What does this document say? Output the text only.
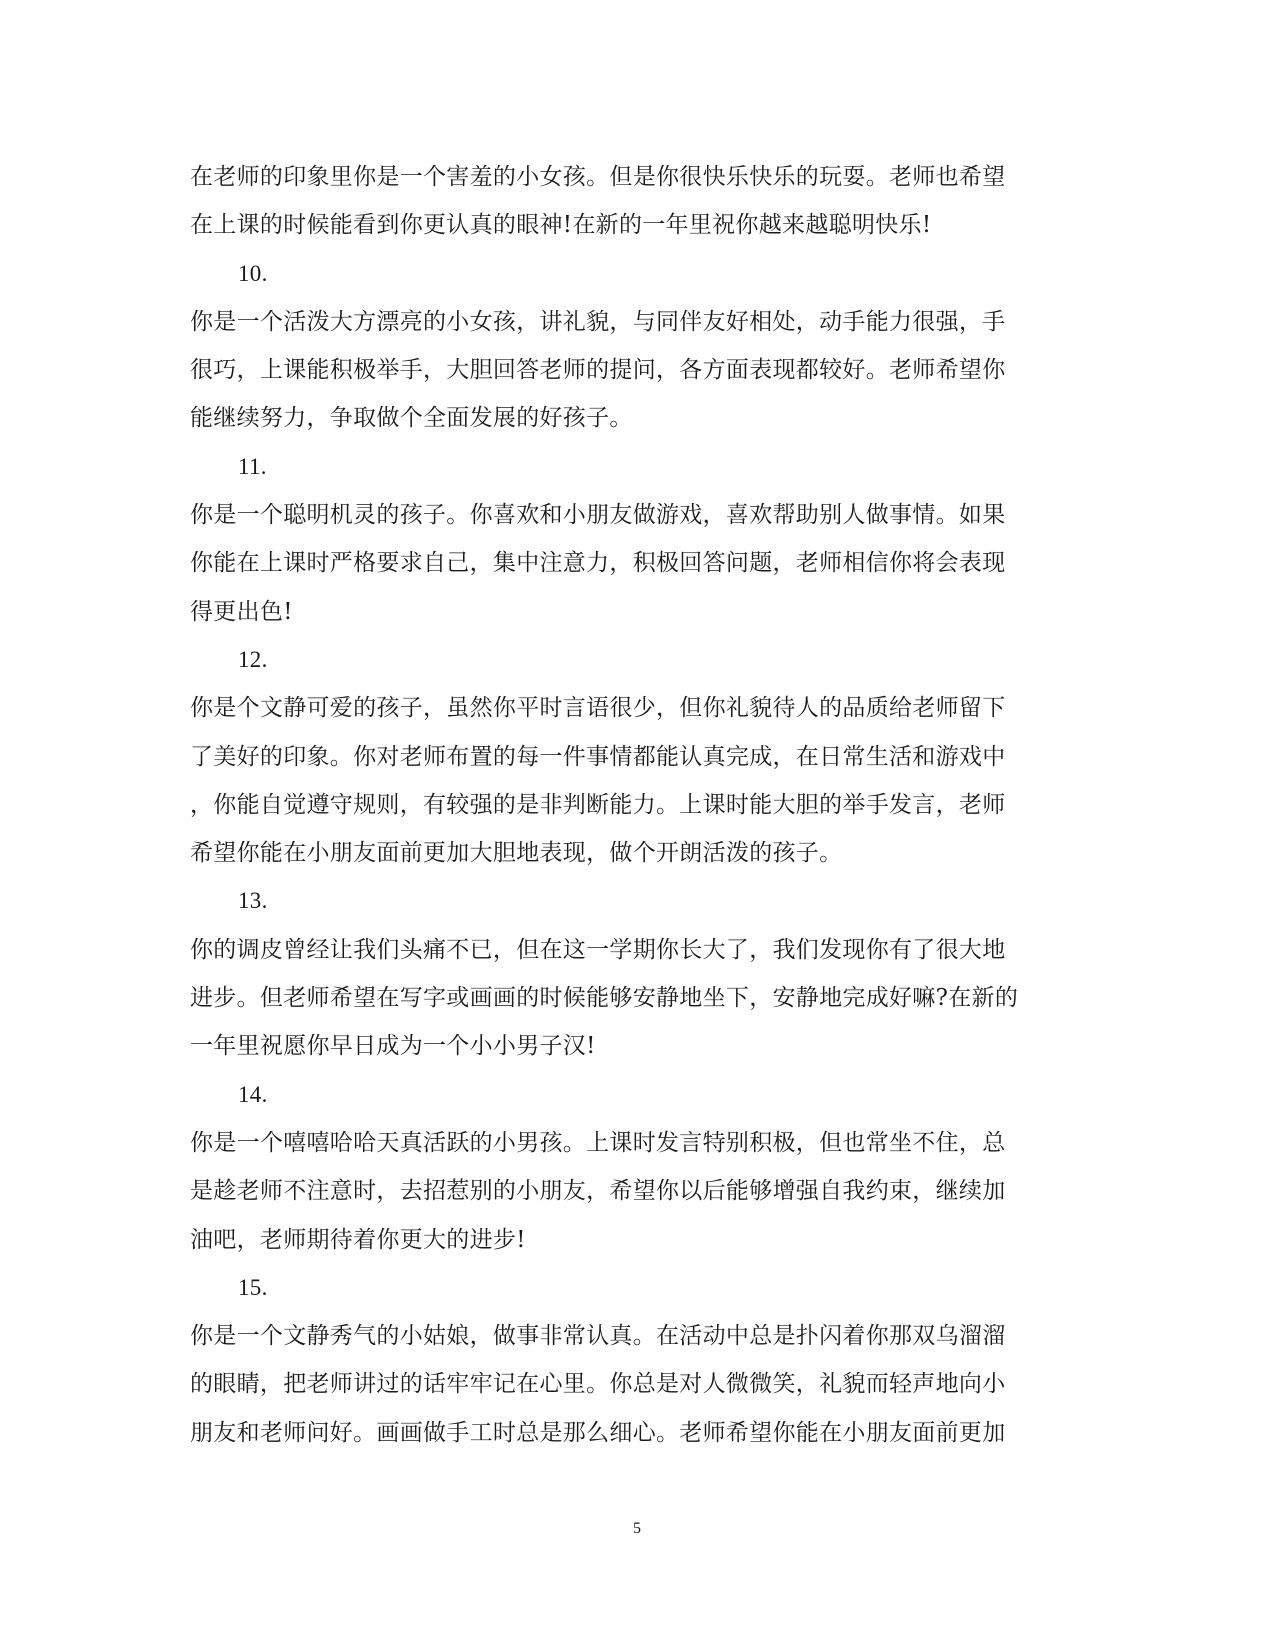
在老师的印象里你是一个害羞的小女孩。但是你很快乐快乐的玩耍。老师也希望
在上课的时候能看到你更认真的眼神!在新的一年里祝你越来越聪明快乐!
10.
你是一个活泼大方漂亮的小女孩，讲礼貌，与同伴友好相处，动手能力很强，手
很巧，上课能积极举手，大胆回答老师的提问，各方面表现都较好。老师希望你
能继续努力，争取做个全面发展的好孩子。
11.
你是一个聪明机灵的孩子。你喜欢和小朋友做游戏，喜欢帮助别人做事情。如果
你能在上课时严格要求自己，集中注意力，积极回答问题，老师相信你将会表现
得更出色!
12.
你是个文静可爱的孩子，虽然你平时言语很少，但你礼貌待人的品质给老师留下
了美好的印象。你对老师布置的每一件事情都能认真完成，在日常生活和游戏中
，你能自觉遵守规则，有较强的是非判断能力。上课时能大胆的举手发言，老师
希望你能在小朋友面前更加大胆地表现，做个开朗活泼的孩子。
13.
你的调皮曾经让我们头痛不已，但在这一学期你长大了，我们发现你有了很大地
进步。但老师希望在写字或画画的时候能够安静地坐下，安静地完成好嘛?在新的
一年里祝愿你早日成为一个小小男子汉!
14.
你是一个嘻嘻哈哈天真活跃的小男孩。上课时发言特别积极，但也常坐不住，总
是趁老师不注意时，去招惹别的小朋友，希望你以后能够增强自我约束，继续加
油吧，老师期待着你更大的进步!
15.
你是一个文静秀气的小姑娘，做事非常认真。在活动中总是扑闪着你那双乌溜溜
的眼睛，把老师讲过的话牢牢记在心里。你总是对人微微笑，礼貌而轻声地向小
朋友和老师问好。画画做手工时总是那么细心。老师希望你能在小朋友面前更加
5
